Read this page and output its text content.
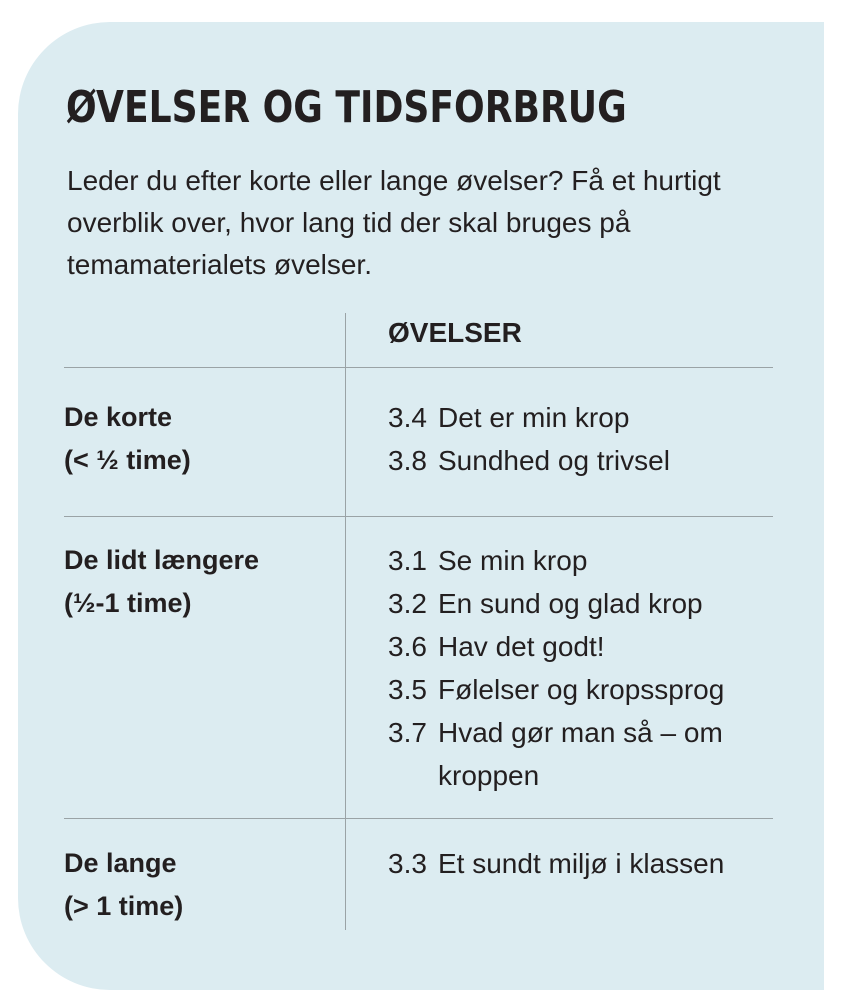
ØVELSER OG TIDSFORBRUG

Leder du efter korte eller lange øvelser? Få et hurtigt overblik over, hvor lang tid der skal bruges på temamaterialets øvelser.

ØVELSER
De korte
(< ½ time)
3.4 Det er min krop
3.8 Sundhed og trivsel
De lidt længere
(½-1 time)
3.1 Se min krop
3.2 En sund og glad krop
3.6 Hav det godt!
3.5 Følelser og kropssprog
3.7 Hvad gør man så – om kroppen
De lange
(> 1 time)
3.3 Et sundt miljø i klassen
